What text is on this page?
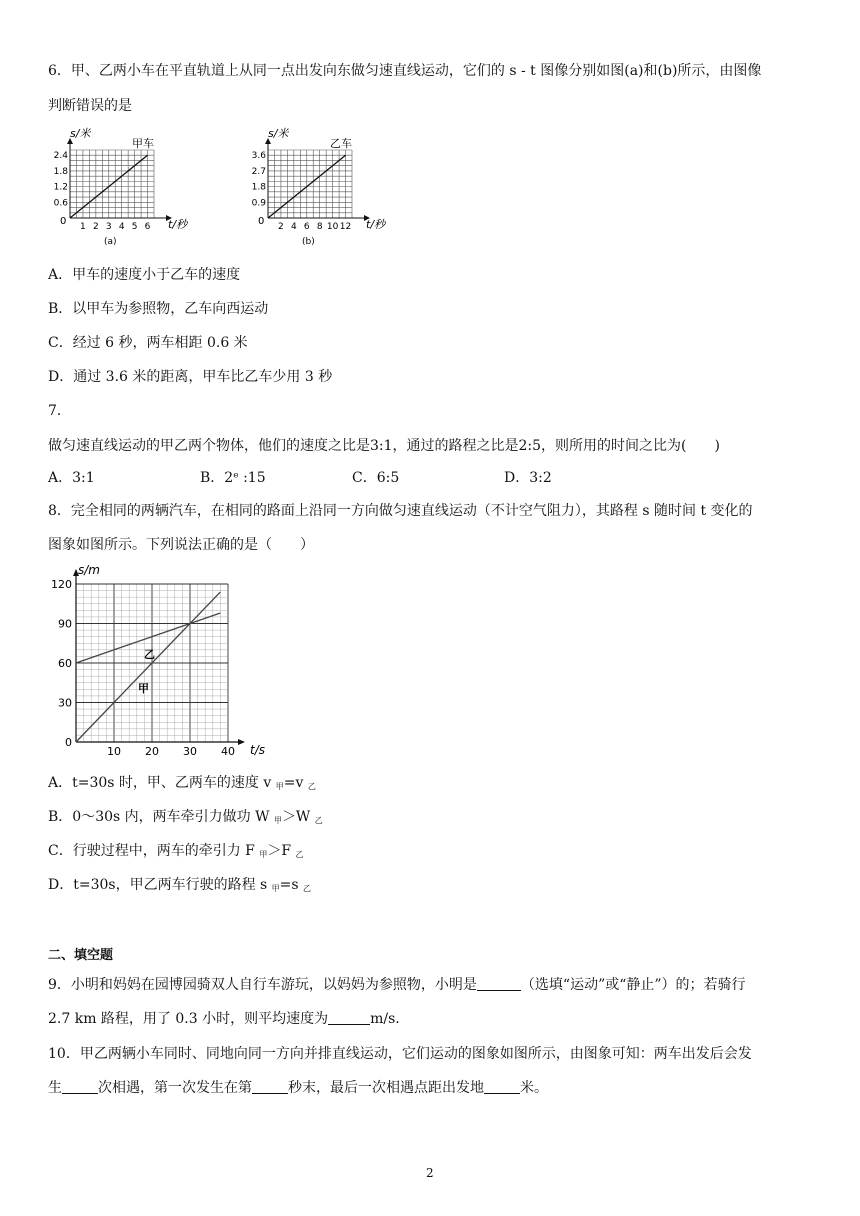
6．甲、乙两小车在平直轨道上从同一点出发向东做匀速直线运动，它们的 s - t 图像分别如图(a)和(b)所示，由图像
判断错误的是
2.4
1.8
1.2
0.6
1 2 3 4 5 6
s/米
t/秒
甲车
(a)
0
3.6
2.7
1.8
0.9
2 4 6 8 10 12
s/米
t/秒
乙车
(b)
0
A．甲车的速度小于乙车的速度
B．以甲车为参照物，乙车向西运动
C．经过 6 秒，两车相距 0.6 米
D．通过 3.6 米的距离，甲车比乙车少用 3 秒
7．
做匀速直线运动的甲乙两个物体，他们的速度之比是3:1，通过的路程之比是2:5，则所用的时间之比为(　　)
A．3:1	B．2ᵉ :15	C．6:5	D．3:2
8．完全相同的两辆汽车，在相同的路面上沿同一方向做匀速直线运动（不计空气阻力），其路程 s 随时间 t 变化的
图象如图所示。下列说法正确的是（　　）
120
90
60
30
0
10 20 30 40
s/m
t/s
乙
甲
A．t=30s 时，甲、乙两车的速度 v $_甲$=v $_乙$
B．0～30s 内，两车牵引力做功 W $_甲$＞W $_乙$
C．行驶过程中，两车的牵引力 F $_甲$＞F $_乙$
D．t=30s，甲乙两车行驶的路程 s $_甲$=s $_乙$
二、填空题
9．小明和妈妈在园博园骑双人自行车游玩，以妈妈为参照物，小明是	（选填“运动”或“静止”）的；若骑行
2.7 km 路程，用了 0.3 小时，则平均速度为	m/s.
10．甲乙两辆小车同时、同地向同一方向并排直线运动，它们运动的图象如图所示，由图象可知：两车出发后会发
生	次相遇，第一次发生在第	秒末，最后一次相遇点距出发地	米。
2
